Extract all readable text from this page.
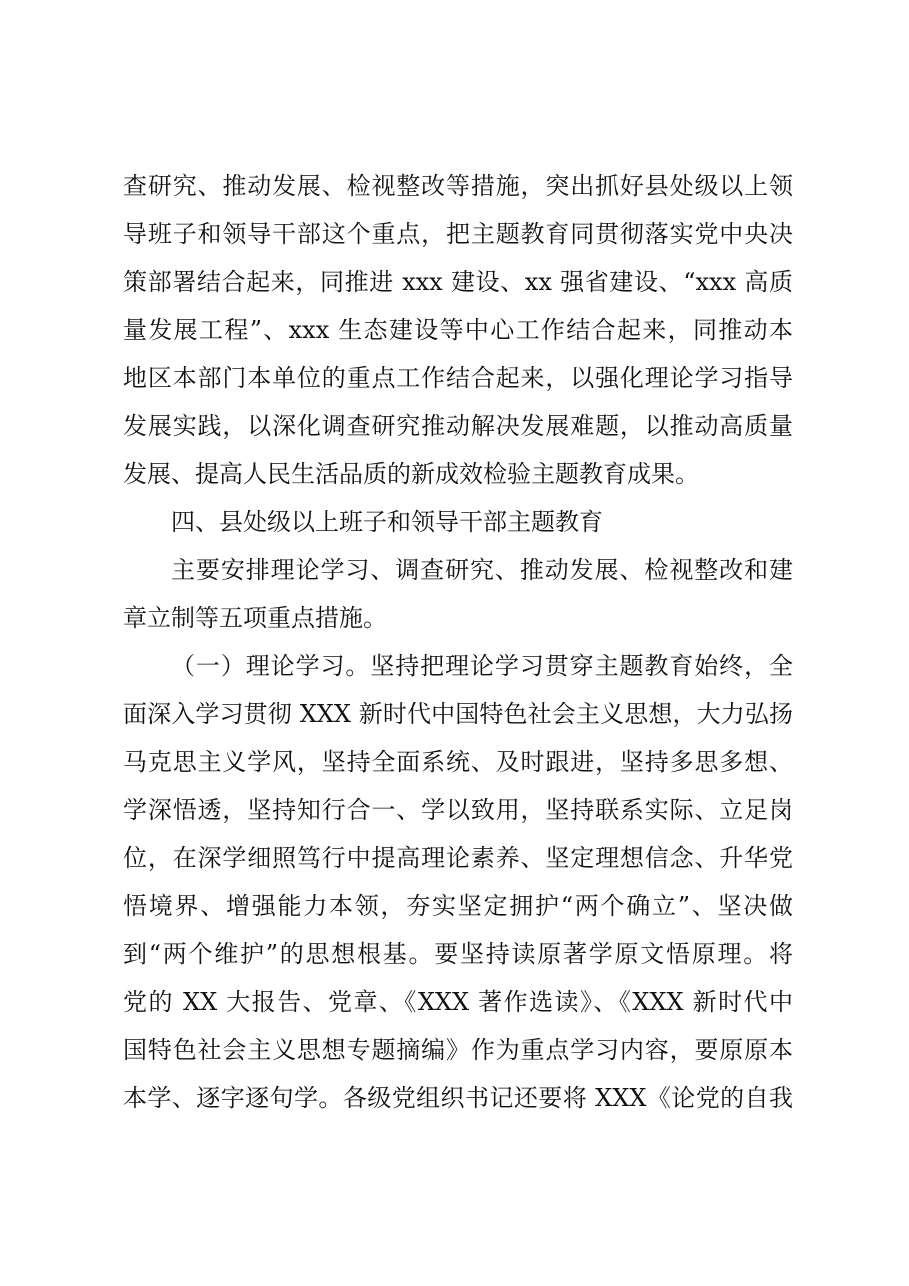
查研究、推动发展、检视整改等措施，突出抓好县处级以上领
导班子和领导干部这个重点，把主题教育同贯彻落实党中央决
策部署结合起来，同推进 xxx 建设、xx 强省建设、“xxx 高质
量发展工程”、xxx 生态建设等中心工作结合起来，同推动本
地区本部门本单位的重点工作结合起来，以强化理论学习指导
发展实践，以深化调查研究推动解决发展难题，以推动高质量
发展、提高人民生活品质的新成效检验主题教育成果。
四、县处级以上班子和领导干部主题教育
主要安排理论学习、调查研究、推动发展、检视整改和建
章立制等五项重点措施。
（一）理论学习。坚持把理论学习贯穿主题教育始终，全
面深入学习贯彻 XXX 新时代中国特色社会主义思想，大力弘扬
马克思主义学风，坚持全面系统、及时跟进，坚持多思多想、
学深悟透，坚持知行合一、学以致用，坚持联系实际、立足岗
位，在深学细照笃行中提高理论素养、坚定理想信念、升华党
悟境界、增强能力本领，夯实坚定拥护“两个确立”、坚决做
到“两个维护”的思想根基。要坚持读原著学原文悟原理。将
党的 XX 大报告、党章、《XXX 著作选读》、《XXX 新时代中
国特色社会主义思想专题摘编》作为重点学习内容，要原原本
本学、逐字逐句学。各级党组织书记还要将 XXX《论党的自我
